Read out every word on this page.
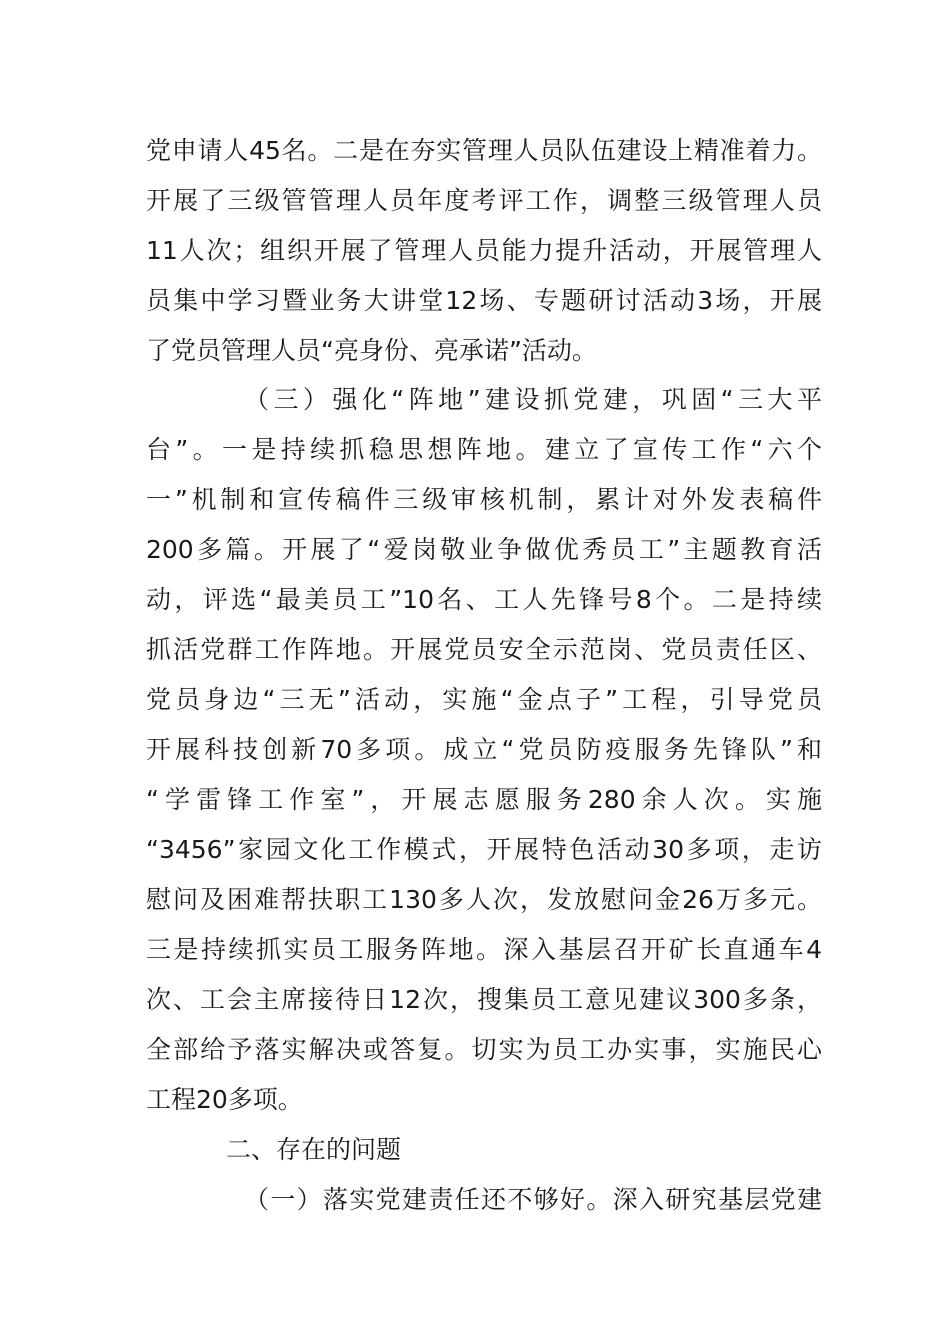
党申请人45名。二是在夯实管理人员队伍建设上精准着力。
开展了三级管管理人员年度考评工作，调整三级管理人员
11人次；组织开展了管理人员能力提升活动，开展管理人
员集中学习暨业务大讲堂12场、专题研讨活动3场，开展
了党员管理人员“亮身份、亮承诺”活动。
（三）强化“阵地”建设抓党建，巩固“三大平
台”。一是持续抓稳思想阵地。建立了宣传工作“六个
一”机制和宣传稿件三级审核机制，累计对外发表稿件
200多篇。开展了“爱岗敬业争做优秀员工”主题教育活
动，评选“最美员工”10名、工人先锋号8个。二是持续
抓活党群工作阵地。开展党员安全示范岗、党员责任区、
党员身边“三无”活动，实施“金点子”工程，引导党员
开展科技创新70多项。成立“党员防疫服务先锋队”和
“学雷锋工作室”，开展志愿服务280余人次。实施
“3456”家园文化工作模式，开展特色活动30多项，走访
慰问及困难帮扶职工130多人次，发放慰问金26万多元。
三是持续抓实员工服务阵地。深入基层召开矿长直通车4
次、工会主席接待日12次，搜集员工意见建议300多条，
全部给予落实解决或答复。切实为员工办实事，实施民心
工程20多项。
二、存在的问题
（一）落实党建责任还不够好。深入研究基层党建
